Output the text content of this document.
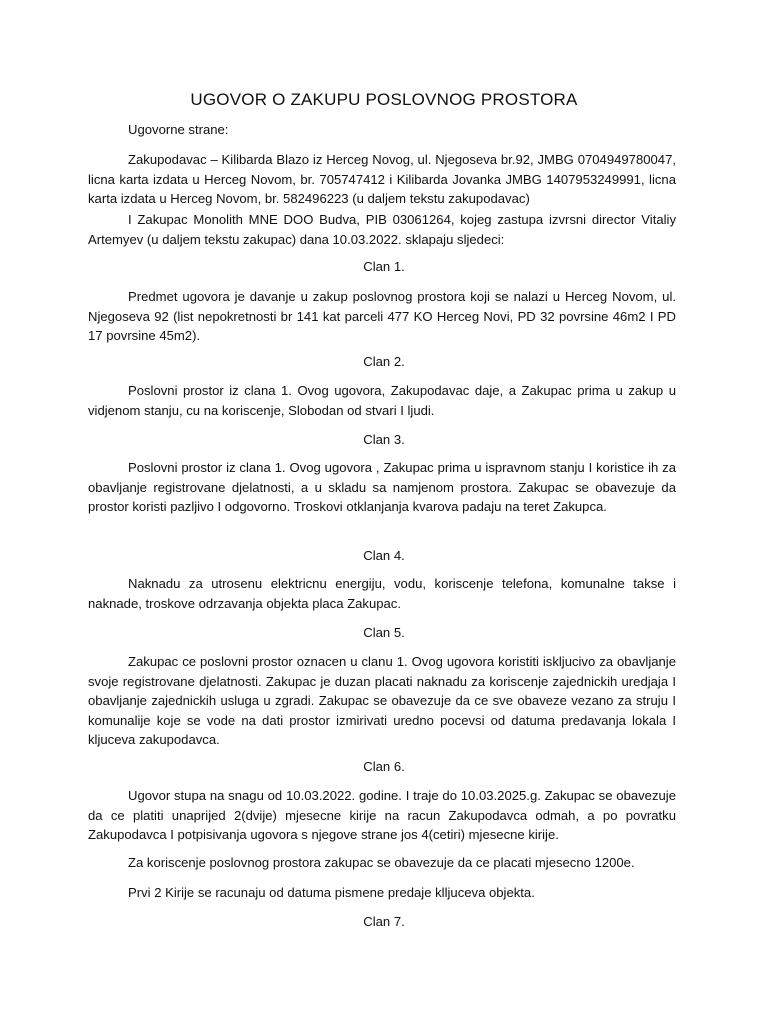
UGOVOR O ZAKUPU POSLOVNOG PROSTORA

Ugovorne strane:

Zakupodavac – Kilibarda Blazo iz Herceg Novog, ul. Njegoseva br.92, JMBG 0704949780047, licna karta izdata u Herceg Novom, br. 705747412 i Kilibarda Jovanka JMBG 1407953249991, licna karta izdata u Herceg Novom, br. 582496223 (u daljem tekstu zakupodavac)

I Zakupac Monolith MNE DOO Budva, PIB 03061264, kojeg zastupa izvrsni director Vitaliy Artemyev (u daljem tekstu zakupac) dana 10.03.2022. sklapaju sljedeci:

Clan 1.

Predmet ugovora je davanje u zakup poslovnog prostora koji se nalazi u Herceg Novom, ul. Njegoseva 92 (list nepokretnosti br 141 kat parceli 477 KO Herceg Novi, PD 32 povrsine 46m2 I PD 17 povrsine 45m2).

Clan 2.

Poslovni prostor iz clana 1. Ovog ugovora, Zakupodavac daje, a Zakupac prima u zakup u vidjenom stanju, cu na koriscenje, Slobodan od stvari I ljudi.

Clan 3.

Poslovni prostor iz clana 1. Ovog ugovora , Zakupac prima u ispravnom stanju I koristice ih za obavljanje registrovane djelatnosti, a u skladu sa namjenom prostora. Zakupac se obavezuje da prostor koristi pazljivo I odgovorno. Troskovi otklanjanja kvarova padaju na teret Zakupca.

Clan 4.

Naknadu za utrosenu elektricnu energiju, vodu, koriscenje telefona, komunalne takse i naknade, troskove odrzavanja objekta placa Zakupac.

Clan 5.

Zakupac ce poslovni prostor oznacen u clanu 1. Ovog ugovora koristiti iskljucivo za obavljanje svoje registrovane djelatnosti. Zakupac je duzan placati naknadu za koriscenje zajednickih uredjaja I obavljanje zajednickih usluga u zgradi. Zakupac se obavezuje da ce sve obaveze vezano za struju I komunalije koje se vode na dati prostor izmirivati uredno pocevsi od datuma predavanja lokala I kljuceva zakupodavca.

Clan 6.

Ugovor stupa na snagu od 10.03.2022. godine. I traje do 10.03.2025.g. Zakupac se obavezuje da ce platiti unaprijed 2(dvije) mjesecne kirije na racun Zakupodavca odmah, a po povratku Zakupodavca I potpisivanja ugovora s njegove strane jos 4(cetiri) mjesecne kirije.

Za koriscenje poslovnog prostora zakupac se obavezuje da ce placati mjesecno 1200e.

Prvi 2 Kirije se racunaju od datuma pismene predaje klljuceva objekta.

Clan 7.
